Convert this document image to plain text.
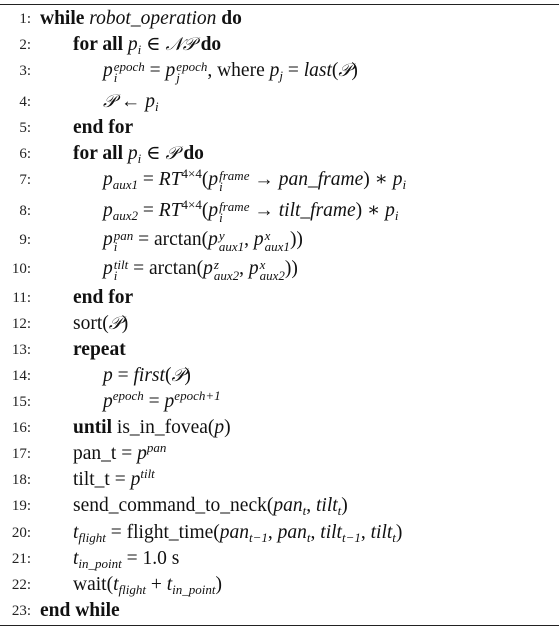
1: while robot_operation do
2: for all $p_i$ ∈ 𝒩𝒫 do
3:	p epoch
i	= p epoch
j	, where $p_j$ = last(𝒫)
4:	𝒫 ← $p_i$
5: end for
6: for all $p_i$ ∈ 𝒫 do
7:	$p_{aux1} = RT^{4\times 4}(p$ frame
i	→ pan_frame) ∗ $p_i$
8:	$p_{aux2} = RT^{4\times 4}(p$ frame
i	→ tilt_frame) ∗ $p_i$
9:	p pan
i = arctan(p y
aux1 , p x
aux1 ))
10:	p tilt
i = arctan(p z
aux2 , p x
aux2 ))
11: end for
12: sort(𝒫)
13: repeat
14:	p = first(𝒫)
15:	$p^{epoch} = p^{epoch+1}$
16: until is_in_fovea(p)
17: pan_t = $p^{pan}$
18: tilt_t = $p^{tilt}$
19: send_command_to_neck(pan$_t$, tilt$_t$)
20: $t_{flight}$ = flight_time(pan$_{t-1}$, pan$_t$, tilt$_{t-1}$, tilt$_t$)
21: $t_{in\_point} = 1.0$ s
22: $wait(t_{flight} + t_{in\_point})$
23: end while
